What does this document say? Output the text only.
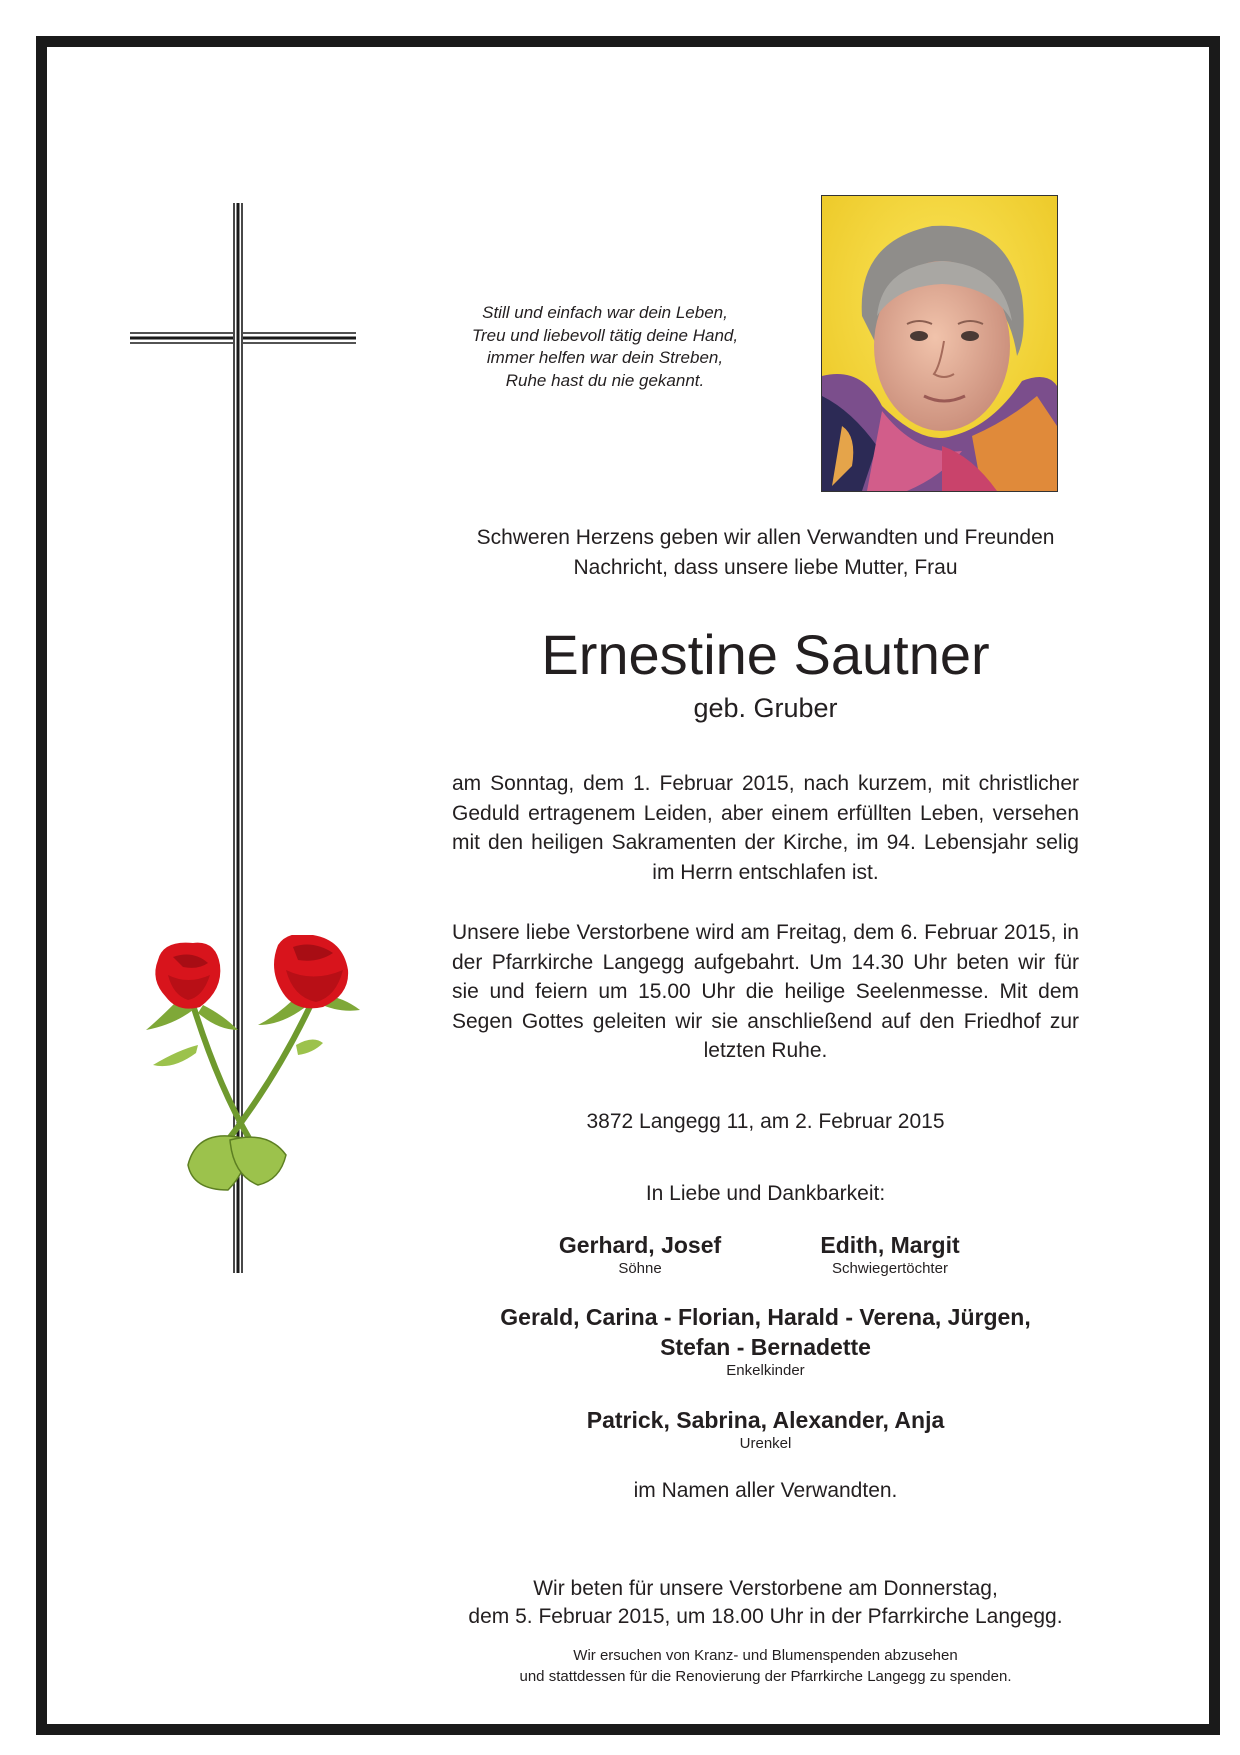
Still und einfach war dein Leben,
Treu und liebevoll tätig deine Hand,
immer helfen war dein Streben,
Ruhe hast du nie gekannt.
Schweren Herzens geben wir allen Verwandten und Freunden
Nachricht, dass unsere liebe Mutter, Frau
Ernestine Sautner
geb. Gruber
am Sonntag, dem 1. Februar 2015, nach kurzem, mit christlicher Geduld ertragenem Leiden, aber einem erfüllten Leben, versehen mit den heiligen Sakramenten der Kirche, im 94. Lebensjahr selig im Herrn entschlafen ist.
Unsere liebe Verstorbene wird am Freitag, dem 6. Februar 2015, in der Pfarrkirche Langegg aufgebahrt. Um 14.30 Uhr beten wir für sie und feiern um 15.00 Uhr die heilige Seelenmesse. Mit dem Segen Gottes geleiten wir sie anschließend auf den Friedhof zur letzten Ruhe.
3872 Langegg 11, am 2. Februar 2015
In Liebe und Dankbarkeit:
Gerhard, Josef
Söhne
Edith, Margit
Schwiegertöchter
Gerald, Carina - Florian, Harald - Verena, Jürgen,
Stefan - Bernadette
Enkelkinder
Patrick, Sabrina, Alexander, Anja
Urenkel
im Namen aller Verwandten.
Wir beten für unsere Verstorbene am Donnerstag,
dem 5. Februar 2015, um 18.00 Uhr in der Pfarrkirche Langegg.
Wir ersuchen von Kranz- und Blumenspenden abzusehen
und stattdessen für die Renovierung der Pfarrkirche Langegg zu spenden.
